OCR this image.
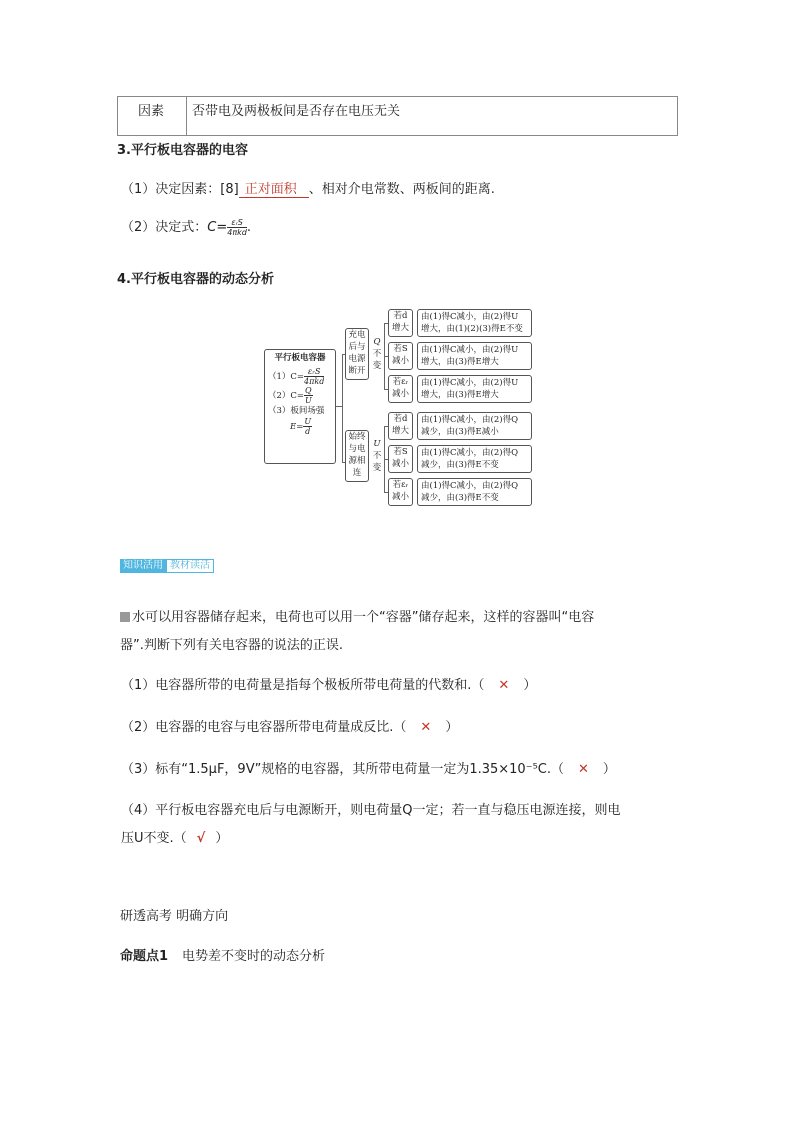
因素 否带电及两极板间是否存在电压无关
3.平行板电容器的电容
（1）决定因素：[8] 正对面积 、相对介电常数、两板间的距离.
（2）决定式：$C= \frac{\text{εᵣS}}{\text{4πkd}}$ .
4.平行板电容器的动态分析
平行板电容器
$(1)C= \frac{\text{εᵣS}}{\text{4πkd}}$
$(2)C= \frac{Q}{U}$
（3）板间场强
$E= \frac{U}{d}$
充电
后与
电源
断开
Q
不
变
始终
与电
源相
连
U
不
变
若d
增大
若S
减小
若εᵣ
减小
若d
增大
若S
减小
若εᵣ
减小
由(1)得C减小，由(2)得U
增大，由(1)(2)(3)得E不变
由(1)得C减小，由(2)得U
增大，由(3)得E增大
由(1)得C减小，由(2)得U
增大，由(3)得E增大
由(1)得C减小，由(2)得Q
减少，由(3)得E减小
由(1)得C减小，由(2)得Q
减少，由(3)得E不变
由(1)得C减小，由(2)得Q
减少，由(3)得E不变
知识活用 教材读活
水可以用容器储存起来，电荷也可以用一个“容器”储存起来，这样的容器叫“电容
器”.判断下列有关电容器的说法的正误.
（1）电容器所带的电荷量是指每个极板所带电荷量的代数和.（ ✕ ）
（2）电容器的电容与电容器所带电荷量成反比.（ ✕ ）
（3）标有“1.5μF，9V”规格的电容器，其所带电荷量一定为1.35×10⁻⁵C.（ ✕ ）
（4）平行板电容器充电后与电源断开，则电荷量Q一定；若一直与稳压电源连接，则电
压U不变.（ √ ）
研透高考 明确方向
命题点1 电势差不变时的动态分析
